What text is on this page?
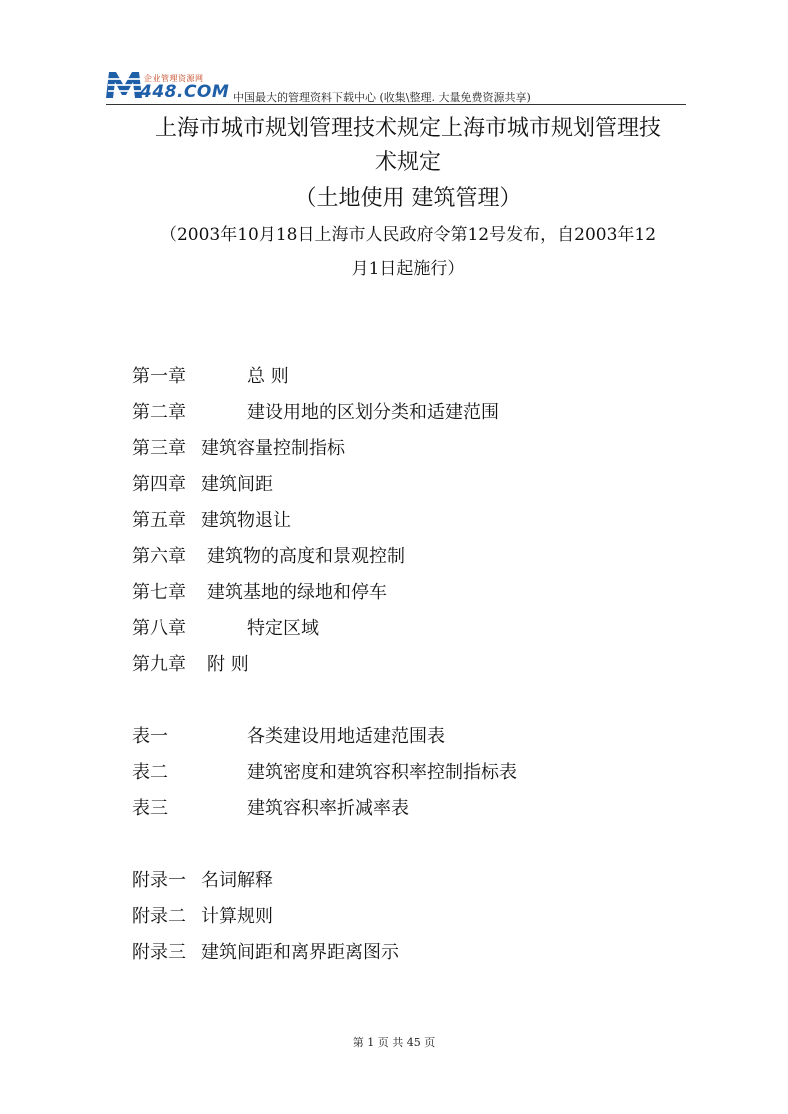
企业管理资源网
448.COM 中国最大的管理资料下载中心 (收集\整理. 大量免费资源共享)
上海市城市规划管理技术规定上海市城市规划管理技
术规定
（土地使用 建筑管理）
（2003年10月18日上海市人民政府令第12号发布，自2003年12
月1日起施行）
第一章	总 则
第二章	建设用地的区划分类和适建范围
第三章 建筑容量控制指标
第四章 建筑间距
第五章 建筑物退让
第六章 建筑物的高度和景观控制
第七章 建筑基地的绿地和停车
第八章	特定区域
第九章 附 则
表一	各类建设用地适建范围表
表二	建筑密度和建筑容积率控制指标表
表三	建筑容积率折减率表
附录一 名词解释
附录二 计算规则
附录三 建筑间距和离界距离图示
第 1 页 共 45 页
